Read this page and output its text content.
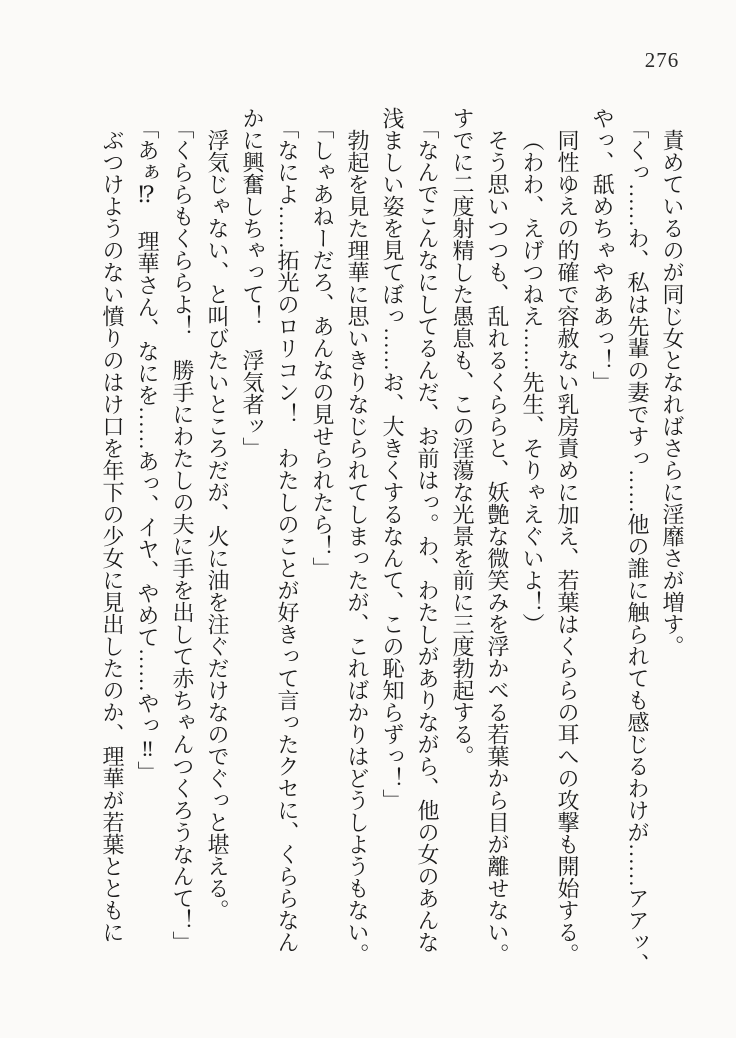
276

責めているのが同じ女となればさらに淫靡さが増す。

「くっ……わ、私は先輩の妻ですっ……他の誰に触られても感じるわけが……アアッ、

やっ、舐めちゃやああっ！」

同性ゆえの的確で容赦ない乳房責めに加え、若葉はくららの耳への攻撃も開始する。

（わわ、えげつねえ……先生、そりゃえぐいよ！）

そう思いつつも、乱れるくららと、妖艶な微笑みを浮かべる若葉から目が離せない。

すでに二度射精した愚息も、この淫蕩な光景を前に三度勃起する。

「なんでこんなにしてるんだ、お前はっ。わ、わたしがありながら、他の女のあんな

浅ましい姿を見てぼっ……お、大きくするなんて、この恥知らずっ！」

勃起を見た理華に思いきりなじられてしまったが、こればかりはどうしようもない。

「しゃあねーだろ、あんなの見せられたら！」

「なによ……拓光のロリコン！　わたしのことが好きって言ったクセに、くららなん

かに興奮しちゃって！　浮気者ッ」

浮気じゃない、と叫びたいところだが、火に油を注ぐだけなのでぐっと堪える。

「くららもくららよ！　勝手にわたしの夫に手を出して赤ちゃんつくろうなんて！」

「あぁ⁉　理華さん、なにを……あっ、イヤ、やめて……やっ‼」

ぶつけようのない憤りのはけ口を年下の少女に見出したのか、理華が若葉とともに
